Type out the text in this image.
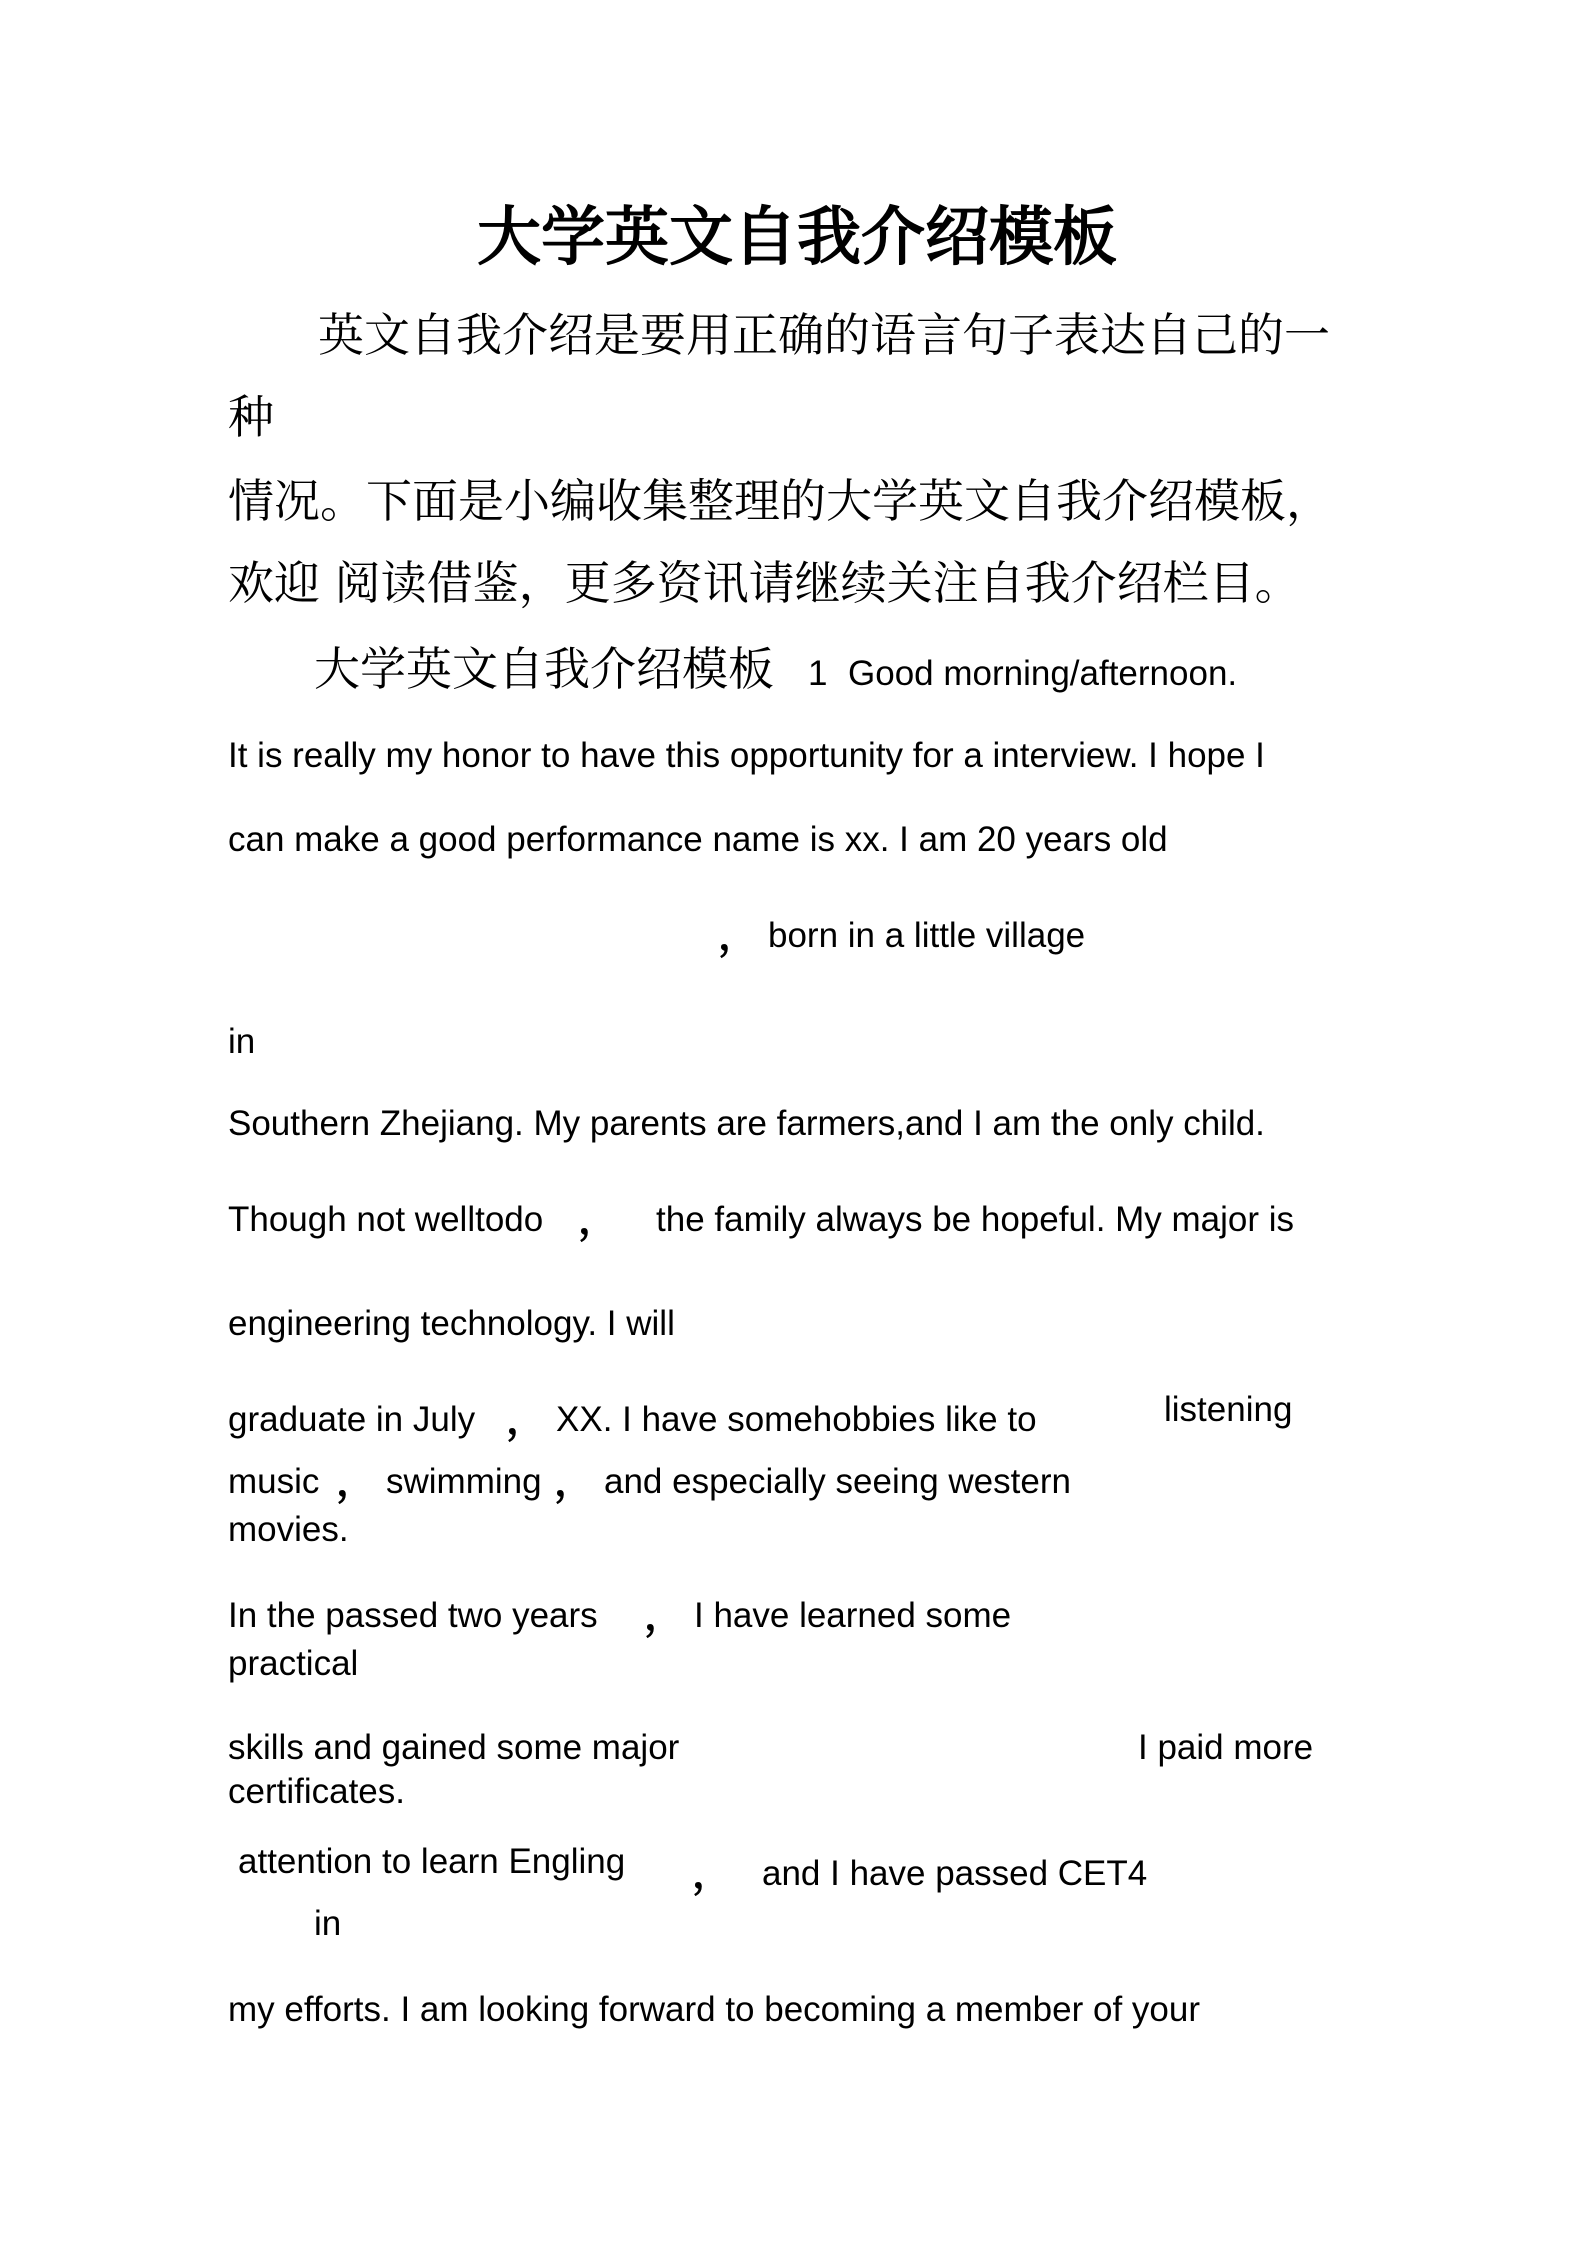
大学英文自我介绍模板

英文自我介绍是要用正确的语言句子表达自己的一

种

情况。下面是小编收集整理的大学英文自我介绍模板，

欢迎 阅读借鉴，更多资讯请继续关注自我介绍栏目。

大学英文自我介绍模板 1 Good morning/afternoon.

It is really my honor to have this opportunity for a interview. I hope I

can make a good performance name is xx. I am 20 years old

， born in a little village

in

Southern Zhejiang. My parents are farmers,and I am the only child.

Though not welltodo ， the family always be hopeful. My major is

engineering technology. I will

graduate in July ， XX. I have somehobbies like to	listening
music ， swimming ， and especially seeing western

movies.

In the passed two years ， I have learned some

practical

skills and gained some major	I paid more

certificates.

attention to learn Engling ， and I have passed CET4

in

my efforts. I am looking forward to becoming a member of your
